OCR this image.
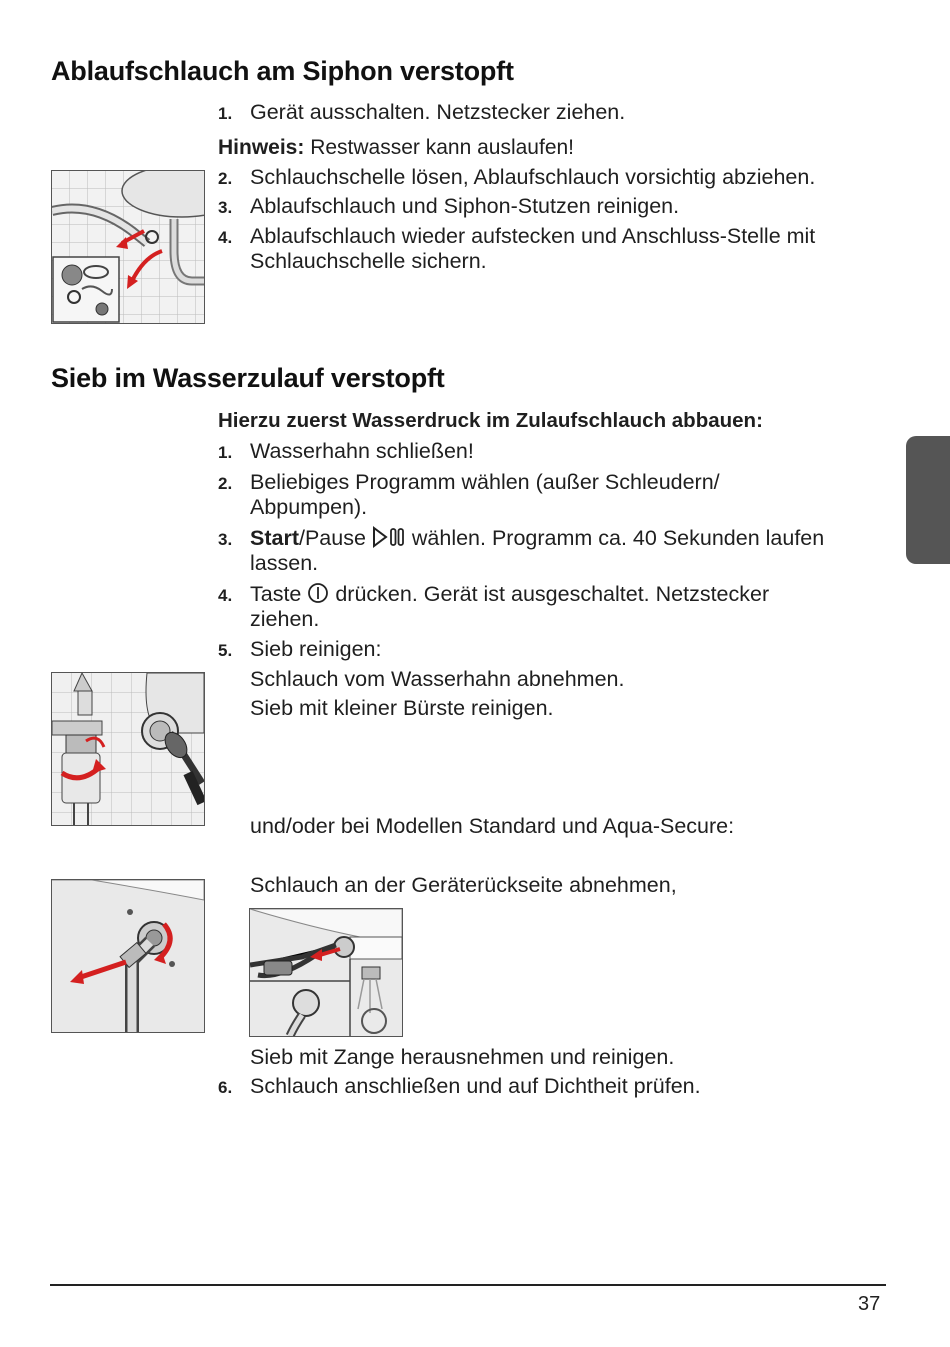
Ablaufschlauch am Siphon verstopft
1. Gerät ausschalten. Netzstecker ziehen.
Hinweis: Restwasser kann auslaufen!
2. Schlauchschelle lösen, Ablaufschlauch vorsichtig abziehen.
3. Ablaufschlauch und Siphon-Stutzen reinigen.
4. Ablaufschlauch wieder aufstecken und Anschluss-Stelle mit
Schlauchschelle sichern.
Sieb im Wasserzulauf verstopft
Hierzu zuerst Wasserdruck im Zulaufschlauch abbauen:
1. Wasserhahn schließen!
2. Beliebiges Programm wählen (außer Schleudern/
Abpumpen).
3. Start/Pause  wählen. Programm ca. 40 Sekunden laufen
lassen.
4. Taste  drücken. Gerät ist ausgeschaltet. Netzstecker
ziehen.
5. Sieb reinigen:
Schlauch vom Wasserhahn abnehmen.
Sieb mit kleiner Bürste reinigen.
und/oder bei Modellen Standard und Aqua-Secure:
Schlauch an der Geräterückseite abnehmen,
Sieb mit Zange herausnehmen und reinigen.
6. Schlauch anschließen und auf Dichtheit prüfen.
37
